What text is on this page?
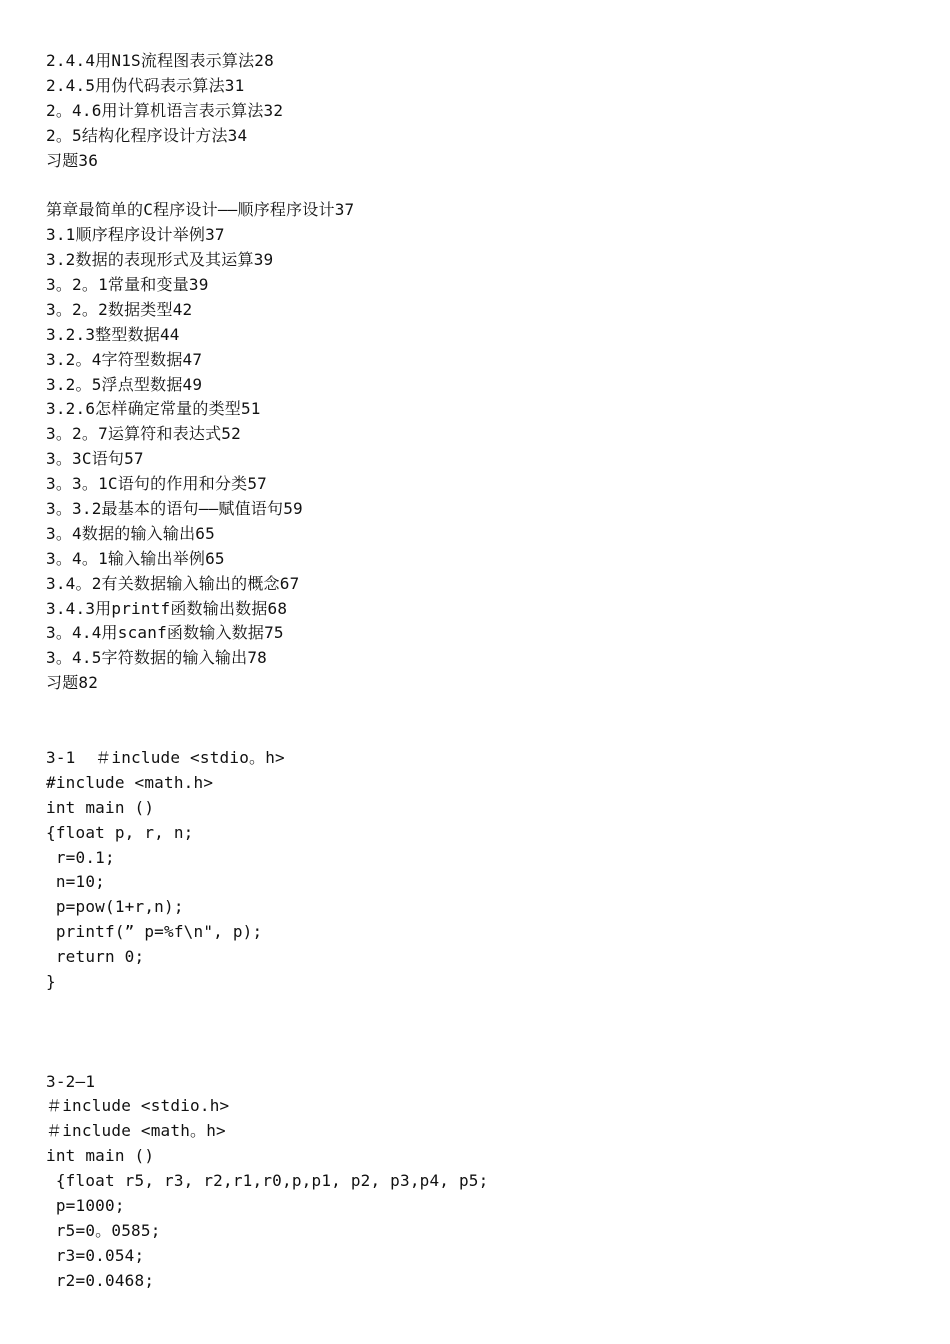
2.4.4用N1S流程图表示算法28
2.4.5用伪代码表示算法31
2。4.6用计算机语言表示算法32
2。5结构化程序设计方法34
习题36
第章最简单的C程序设计——顺序程序设计37
3.1顺序程序设计举例37
3.2数据的表现形式及其运算39
3。2。1常量和变量39
3。2。2数据类型42
3.2.3整型数据44
3.2。4字符型数据47
3.2。5浮点型数据49
3.2.6怎样确定常量的类型51
3。2。7运算符和表达式52
3。3C语句57
3。3。1C语句的作用和分类57
3。3.2最基本的语句——赋值语句59
3。4数据的输入输出65
3。4。1输入输出举例65
3.4。2有关数据输入输出的概念67
3.4.3用printf函数输出数据68
3。4.4用scanf函数输入数据75
3。4.5字符数据的输入输出78
习题82
3-1  ＃include <stdio。h>
#include <math.h>
int main ()
{float p, r, n;
r=0.1;
n=10;
p=pow(1+r,n);
printf(” p=%f\n", p);
return 0;
}
3-2—1
＃include <stdio.h>
＃include <math。h>
int main ()
{float r5, r3, r2,r1,r0,p,p1, p2, p3,p4, p5;
p=1000;
r5=0。0585;
r3=0.054;
r2=0.0468;
